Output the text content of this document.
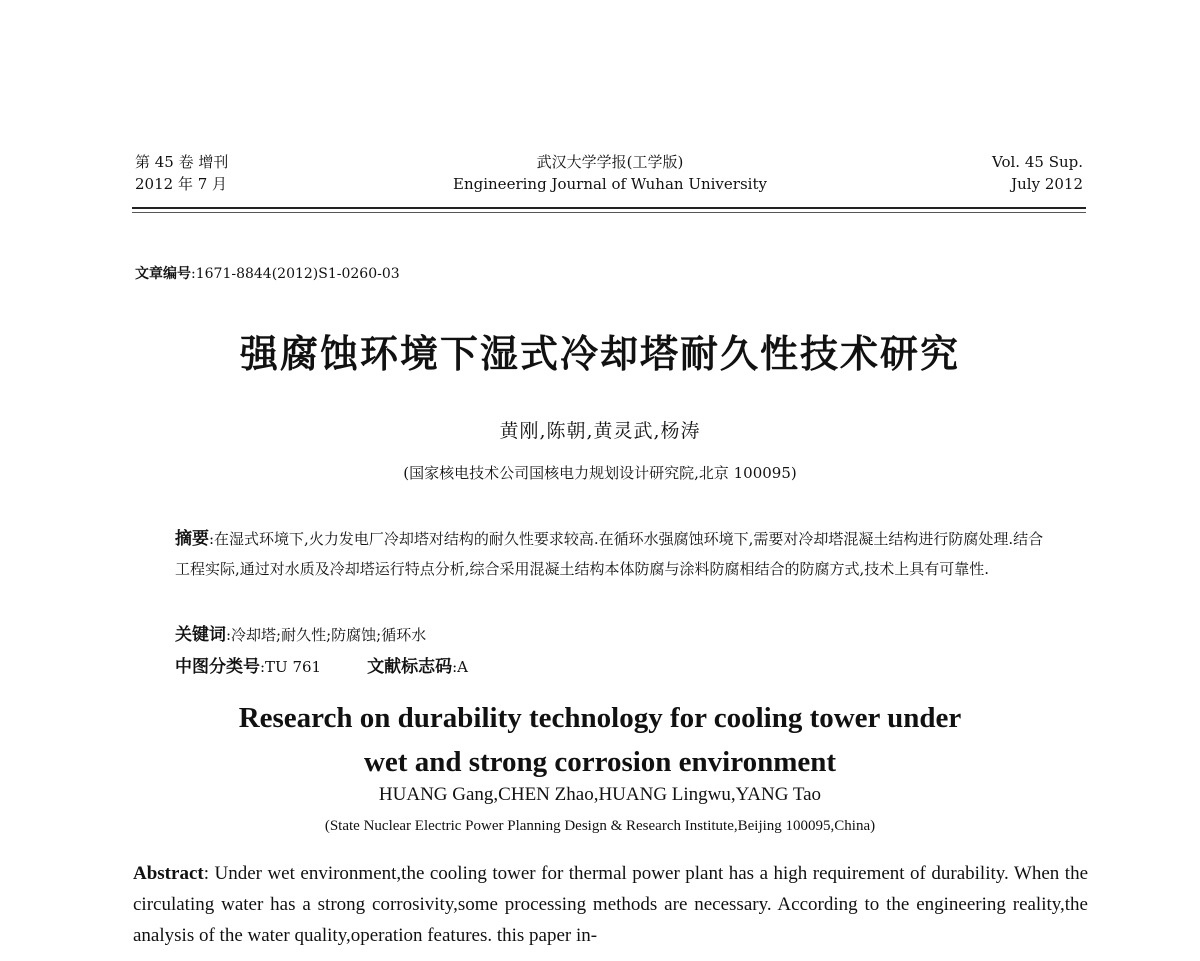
第 45 卷 增刊
2012 年 7 月
武汉大学学报(工学版)
Engineering Journal of Wuhan University
Vol. 45 Sup.
July 2012
文章编号:1671-8844(2012)S1-0260-03
强腐蚀环境下湿式冷却塔耐久性技术研究
黄刚,陈朝,黄灵武,杨涛
(国家核电技术公司国核电力规划设计研究院,北京 100095)
摘要:在湿式环境下,火力发电厂冷却塔对结构的耐久性要求较高.在循环水强腐蚀环境下,需要对冷却塔混凝土结构进行防腐处理.结合工程实际,通过对水质及冷却塔运行特点分析,综合采用混凝土结构本体防腐与涂料防腐相结合的防腐方式,技术上具有可靠性.
关键词:冷却塔;耐久性;防腐蚀;循环水
中图分类号:TU 761	文献标志码:A
Research on durability technology for cooling tower under
wet and strong corrosion environment
HUANG Gang,CHEN Zhao,HUANG Lingwu,YANG Tao
(State Nuclear Electric Power Planning Design & Research Institute,Beijing 100095,China)
Abstract: Under wet environment,the cooling tower for thermal power plant has a high requirement of durability. When the circulating water has a strong corrosivity,some processing methods are necessary. According to the engineering reality,the analysis of the water quality,operation features. this paper in-
